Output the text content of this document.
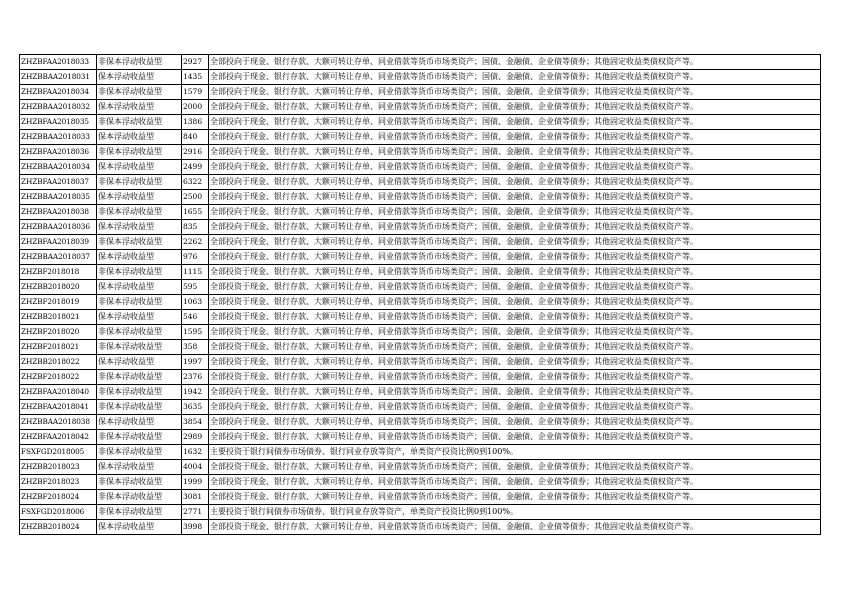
ZHZBFAA2018033	非保本浮动收益型	2927	全部投向于现金、银行存款、大额可转让存单、同业借款等货币市场类资产；国债、金融债、企业债等债券；其他固定收益类债权资产等。
ZHZBBAA2018031	保本浮动收益型	1435	全部投向于现金、银行存款、大额可转让存单、同业借款等货币市场类资产；国债、金融债、企业债等债券；其他固定收益类债权资产等。
ZHZBFAA2018034	非保本浮动收益型	1579	全部投向于现金、银行存款、大额可转让存单、同业借款等货币市场类资产；国债、金融债、企业债等债券；其他固定收益类债权资产等。
ZHZBBAA2018032	保本浮动收益型	2000	全部投向于现金、银行存款、大额可转让存单、同业借款等货币市场类资产；国债、金融债、企业债等债券；其他固定收益类债权资产等。
ZHZBFAA2018035	非保本浮动收益型	1386	全部投向于现金、银行存款、大额可转让存单、同业借款等货币市场类资产；国债、金融债、企业债等债券；其他固定收益类债权资产等。
ZHZBBAA2018033	保本浮动收益型	840	全部投向于现金、银行存款、大额可转让存单、同业借款等货币市场类资产；国债、金融债、企业债等债券；其他固定收益类债权资产等。
ZHZBFAA2018036	非保本浮动收益型	2916	全部投向于现金、银行存款、大额可转让存单、同业借款等货币市场类资产；国债、金融债、企业债等债券；其他固定收益类债权资产等。
ZHZBBAA2018034	保本浮动收益型	2499	全部投向于现金、银行存款、大额可转让存单、同业借款等货币市场类资产；国债、金融债、企业债等债券；其他固定收益类债权资产等。
ZHZBFAA2018037	非保本浮动收益型	6322	全部投向于现金、银行存款、大额可转让存单、同业借款等货币市场类资产；国债、金融债、企业债等债券；其他固定收益类债权资产等。
ZHZBBAA2018035	保本浮动收益型	2500	全部投向于现金、银行存款、大额可转让存单、同业借款等货币市场类资产；国债、金融债、企业债等债券；其他固定收益类债权资产等。
ZHZBFAA2018038	非保本浮动收益型	1655	全部投向于现金、银行存款、大额可转让存单、同业借款等货币市场类资产；国债、金融债、企业债等债券；其他固定收益类债权资产等。
ZHZBBAA2018036	保本浮动收益型	835	全部投向于现金、银行存款、大额可转让存单、同业借款等货币市场类资产；国债、金融债、企业债等债券；其他固定收益类债权资产等。
ZHZBFAA2018039	非保本浮动收益型	2262	全部投向于现金、银行存款、大额可转让存单、同业借款等货币市场类资产；国债、金融债、企业债等债券；其他固定收益类债权资产等。
ZHZBBAA2018037	保本浮动收益型	976	全部投向于现金、银行存款、大额可转让存单、同业借款等货币市场类资产；国债、金融债、企业债等债券；其他固定收益类债权资产等。
ZHZBF2018018	非保本浮动收益型	1115	全部投资于现金、银行存款、大额可转让存单、同业借款等货币市场类资产；国债、金融债、企业债等债券；其他固定收益类债权资产等。
ZHZBB2018020	保本浮动收益型	595	全部投资于现金、银行存款、大额可转让存单、同业借款等货币市场类资产；国债、金融债、企业债等债券；其他固定收益类债权资产等。
ZHZBF2018019	非保本浮动收益型	1063	全部投资于现金、银行存款、大额可转让存单、同业借款等货币市场类资产；国债、金融债、企业债等债券；其他固定收益类债权资产等。
ZHZBB2018021	保本浮动收益型	546	全部投资于现金、银行存款、大额可转让存单、同业借款等货币市场类资产；国债、金融债、企业债等债券；其他固定收益类债权资产等。
ZHZBF2018020	非保本浮动收益型	1595	全部投资于现金、银行存款、大额可转让存单、同业借款等货币市场类资产；国债、金融债、企业债等债券；其他固定收益类债权资产等。
ZHZBF2018021	非保本浮动收益型	358	全部投资于现金、银行存款、大额可转让存单、同业借款等货币市场类资产；国债、金融债、企业债等债券；其他固定收益类债权资产等。
ZHZBB2018022	保本浮动收益型	1997	全部投资于现金、银行存款、大额可转让存单、同业借款等货币市场类资产；国债、金融债、企业债等债券；其他固定收益类债权资产等。
ZHZBF2018022	非保本浮动收益型	2376	全部投资于现金、银行存款、大额可转让存单、同业借款等货币市场类资产；国债、金融债、企业债等债券；其他固定收益类债权资产等。
ZHZBFAA2018040	非保本浮动收益型	1942	全部投向于现金、银行存款、大额可转让存单、同业借款等货币市场类资产；国债、金融债、企业债等债券；其他固定收益类债权资产等。
ZHZBFAA2018041	非保本浮动收益型	3635	全部投向于现金、银行存款、大额可转让存单、同业借款等货币市场类资产；国债、金融债、企业债等债券；其他固定收益类债权资产等。
ZHZBBAA2018038	保本浮动收益型	3854	全部投向于现金、银行存款、大额可转让存单、同业借款等货币市场类资产；国债、金融债、企业债等债券；其他固定收益类债权资产等。
ZHZBFAA2018042	非保本浮动收益型	2989	全部投向于现金、银行存款、大额可转让存单、同业借款等货币市场类资产；国债、金融债、企业债等债券；其他固定收益类债权资产等。
FSXFGD2018005	非保本浮动收益型	1632	主要投资于银行间债券市场债券、银行同业存放等资产，单类资产投资比例0到100%。
ZHZBB2018023	保本浮动收益型	4004	全部投资于现金、银行存款、大额可转让存单、同业借款等货币市场类资产；国债、金融债、企业债等债券；其他固定收益类债权资产等。
ZHZBF2018023	非保本浮动收益型	1999	全部投资于现金、银行存款、大额可转让存单、同业借款等货币市场类资产；国债、金融债、企业债等债券；其他固定收益类债权资产等。
ZHZBF2018024	非保本浮动收益型	3081	全部投资于现金、银行存款、大额可转让存单、同业借款等货币市场类资产；国债、金融债、企业债等债券；其他固定收益类债权资产等。
FSXFGD2018006	非保本浮动收益型	2771	主要投资于银行间债券市场债券、银行同业存放等资产，单类资产投资比例0到100%。
ZHZBB2018024	保本浮动收益型	3998	全部投资于现金、银行存款、大额可转让存单、同业借款等货币市场类资产；国债、金融债、企业债等债券；其他固定收益类债权资产等。
